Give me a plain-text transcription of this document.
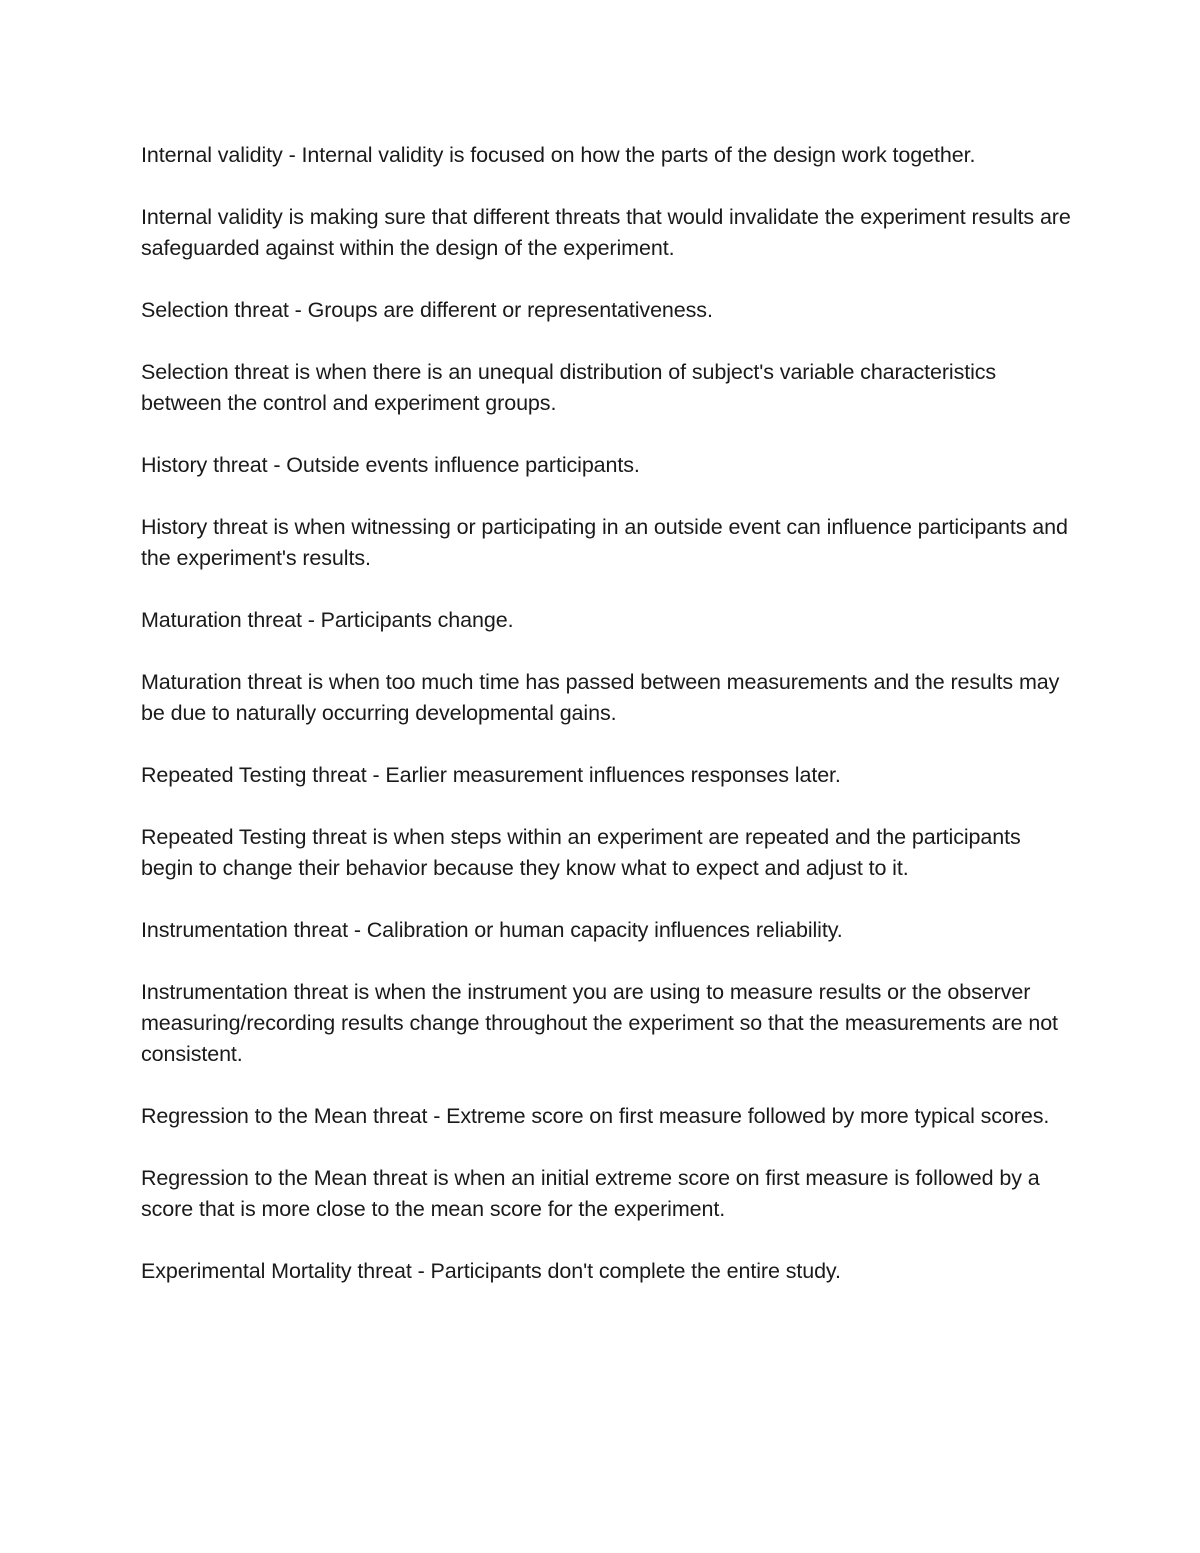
Internal validity - Internal validity is focused on how the parts of the design work together.

Internal validity is making sure that different threats that would invalidate the experiment results are safeguarded against within the design of the experiment.

Selection threat - Groups are different or representativeness.

Selection threat is when there is an unequal distribution of subject's variable characteristics between the control and experiment groups.

History threat - Outside events influence participants.

History threat is when witnessing or participating in an outside event can influence participants and the experiment's results.

Maturation threat - Participants change.

Maturation threat is when too much time has passed between measurements and the results may be due to naturally occurring developmental gains.

Repeated Testing threat - Earlier measurement influences responses later.

Repeated Testing threat is when steps within an experiment are repeated and the participants begin to change their behavior because they know what to expect and adjust to it.

Instrumentation threat - Calibration or human capacity influences reliability.

Instrumentation threat is when the instrument you are using to measure results or the observer measuring/recording results change throughout the experiment so that the measurements are not consistent.

Regression to the Mean threat - Extreme score on first measure followed by more typical scores.

Regression to the Mean threat is when an initial extreme score on first measure is followed by a score that is more close to the mean score for the experiment.

Experimental Mortality threat - Participants don't complete the entire study.
